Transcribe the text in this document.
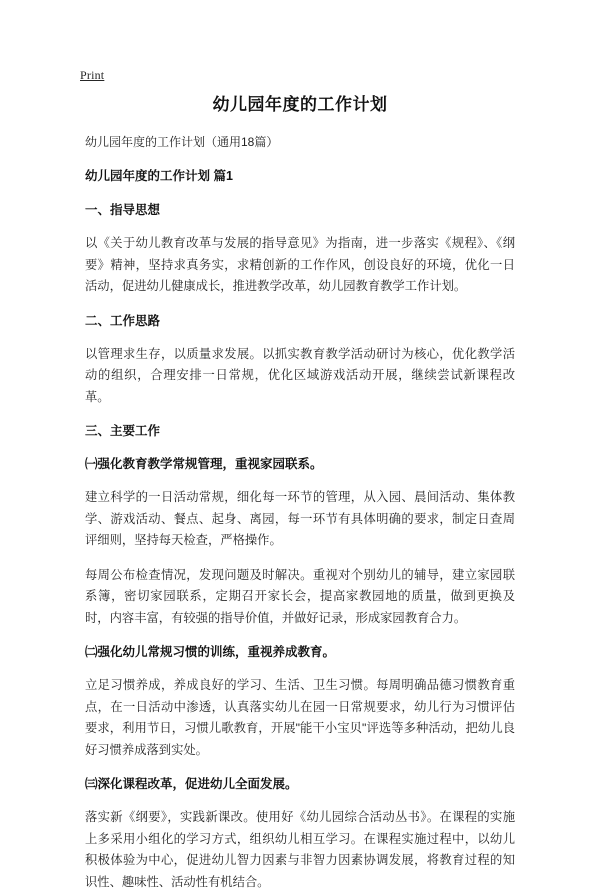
Print
幼儿园年度的工作计划

幼儿园年度的工作计划（通用18篇）

幼儿园年度的工作计划 篇1

一、指导思想

以《关于幼儿教育改革与发展的指导意见》为指南，进一步落实《规程》、《纲要》精神，坚持求真务实，求精创新的工作作风，创设良好的环境，优化一日活动，促进幼儿健康成长，推进教学改革，幼儿园教育教学工作计划。

二、工作思路

以管理求生存，以质量求发展。以抓实教育教学活动研讨为核心，优化教学活动的组织，合理安排一日常规，优化区域游戏活动开展，继续尝试新课程改革。

三、主要工作
㈠强化教育教学常规管理，重视家园联系。

建立科学的一日活动常规，细化每一环节的管理，从入园、晨间活动、集体教学、游戏活动、餐点、起身、离园，每一环节有具体明确的要求，制定日查周评细则，坚持每天检查，严格操作。

每周公布检查情况，发现问题及时解决。重视对个别幼儿的辅导，建立家园联系簿，密切家园联系，定期召开家长会，提高家教园地的质量，做到更换及时，内容丰富，有较强的指导价值，并做好记录，形成家园教育合力。

㈡强化幼儿常规习惯的训练，重视养成教育。

立足习惯养成，养成良好的学习、生活、卫生习惯。每周明确品德习惯教育重点，在一日活动中渗透，认真落实幼儿在园一日常规要求，幼儿行为习惯评估要求，利用节日，习惯儿歌教育，开展"能干小宝贝"评选等多种活动，把幼儿良好习惯养成落到实处。

㈢深化课程改革，促进幼儿全面发展。

落实新《纲要》，实践新课改。使用好《幼儿园综合活动丛书》。在课程的实施上多采用小组化的学习方式，组织幼儿相互学习。在课程实施过程中，以幼儿积极体验为中心，促进幼儿智力因素与非智力因素协调发展，将教育过程的知识性、趣味性、活动性有机结合。
